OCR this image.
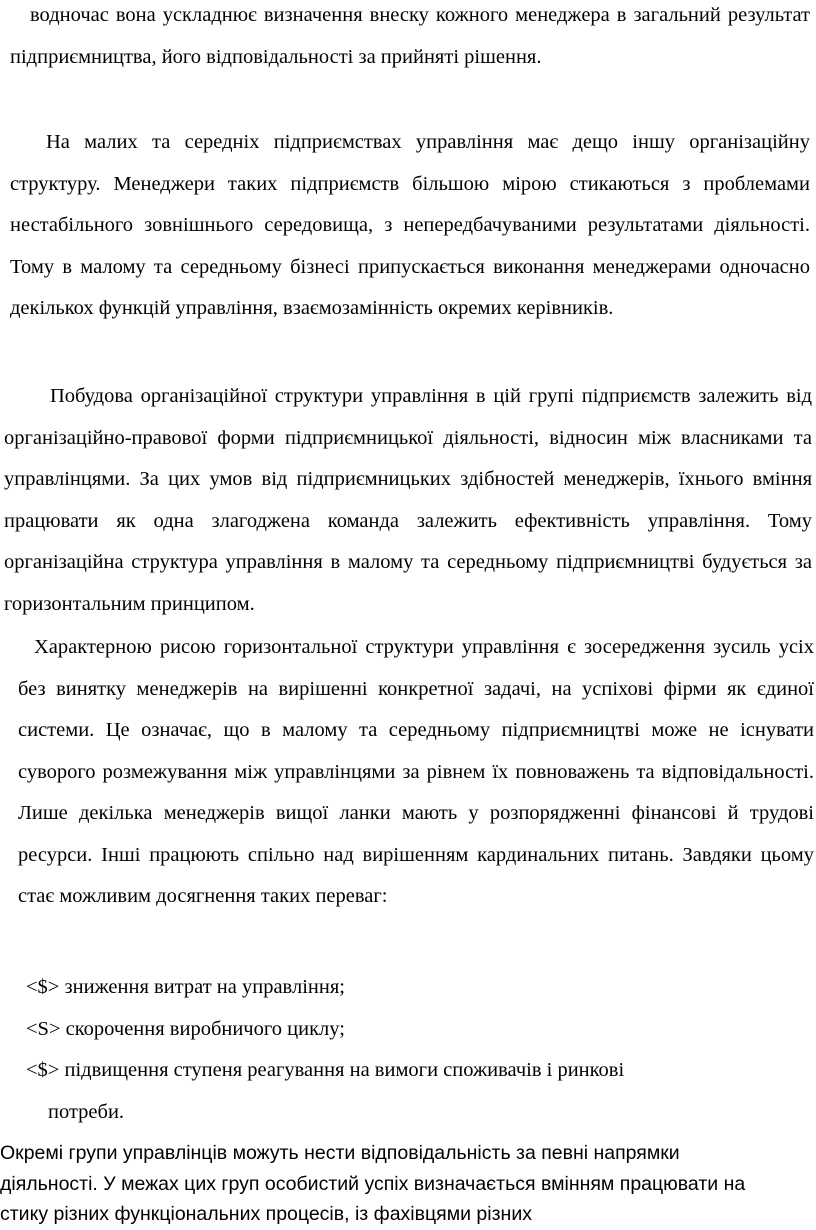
водночас вона ускладнює визначення внеску кожного менеджера в загальний результат підприємництва, його відповідальності за прийняті рішення.

На малих та середніх підприємствах управління має дещо іншу організаційну структуру. Менеджери таких підприємств більшою мірою стикаються з проблемами нестабільного зовнішнього середовища, з непередбачуваними результатами діяльності. Тому в малому та середньому бізнесі припускається виконання менеджерами одночасно декількох функцій управління, взаємозамінність окремих керівників.

Побудова організаційної структури управління в цій групі підприємств залежить від організаційно-правової форми підприємницької діяльності, відносин між власниками та управлінцями. За цих умов від підприємницьких здібностей менеджерів, їхнього вміння працювати як одна злагоджена команда залежить ефективність управління. Тому організаційна структура управління в малому та середньому підприємництві будується за горизонтальним принципом.

Характерною рисою горизонтальної структури управління є зосередження зусиль усіх без винятку менеджерів на вирішенні конкретної задачі, на успіхові фірми як єдиної системи. Це означає, що в малому та середньому підприємництві може не існувати суворого розмежування між управлінцями за рівнем їх повноважень та відповідальності. Лише декілька менеджерів вищої ланки мають у розпорядженні фінансові й трудові ресурси. Інші працюють спільно над вирішенням кардинальних питань. Завдяки цьому стає можливим досягнення таких переваг:

<$> зниження витрат на управління;

<S> скорочення виробничого циклу;

<$> підвищення ступеня реагування на вимоги споживачів і ринкові

потреби.

Окремі групи управлінців можуть нести відповідальність за певні напрямки діяльності. У межах цих груп особистий успіх визначається вмінням працювати на стику різних функціональних процесів, із фахівцями різних
